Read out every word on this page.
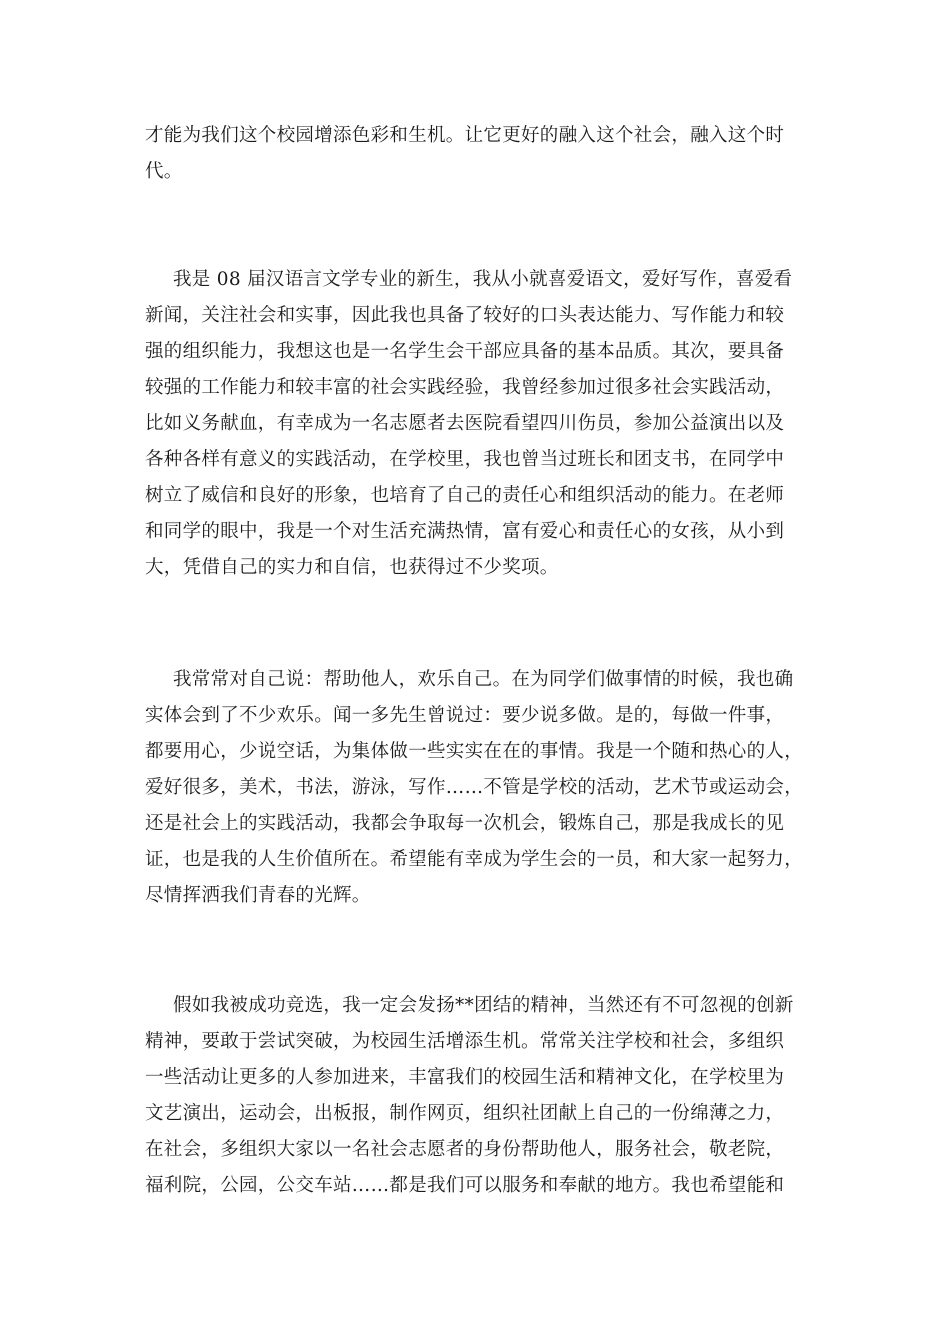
才能为我们这个校园增添色彩和生机。让它更好的融入这个社会，融入这个时
代。
我是 08 届汉语言文学专业的新生，我从小就喜爱语文，爱好写作，喜爱看
新闻，关注社会和实事，因此我也具备了较好的口头表达能力、写作能力和较
强的组织能力，我想这也是一名学生会干部应具备的基本品质。其次，要具备
较强的工作能力和较丰富的社会实践经验，我曾经参加过很多社会实践活动，
比如义务献血，有幸成为一名志愿者去医院看望四川伤员，参加公益演出以及
各种各样有意义的实践活动，在学校里，我也曾当过班长和团支书，在同学中
树立了威信和良好的形象，也培育了自己的责任心和组织活动的能力。在老师
和同学的眼中，我是一个对生活充满热情，富有爱心和责任心的女孩，从小到
大，凭借自己的实力和自信，也获得过不少奖项。
我常常对自己说：帮助他人，欢乐自己。在为同学们做事情的时候，我也确
实体会到了不少欢乐。闻一多先生曾说过：要少说多做。是的，每做一件事，
都要用心，少说空话，为集体做一些实实在在的事情。我是一个随和热心的人，
爱好很多，美术，书法，游泳，写作……不管是学校的活动，艺术节或运动会，
还是社会上的实践活动，我都会争取每一次机会，锻炼自己，那是我成长的见
证，也是我的人生价值所在。希望能有幸成为学生会的一员，和大家一起努力，
尽情挥洒我们青春的光辉。
假如我被成功竞选，我一定会发扬**团结的精神，当然还有不可忽视的创新
精神，要敢于尝试突破，为校园生活增添生机。常常关注学校和社会，多组织
一些活动让更多的人参加进来，丰富我们的校园生活和精神文化，在学校里为
文艺演出，运动会，出板报，制作网页，组织社团献上自己的一份绵薄之力，
在社会，多组织大家以一名社会志愿者的身份帮助他人，服务社会，敬老院，
福利院，公园，公交车站……都是我们可以服务和奉献的地方。我也希望能和
